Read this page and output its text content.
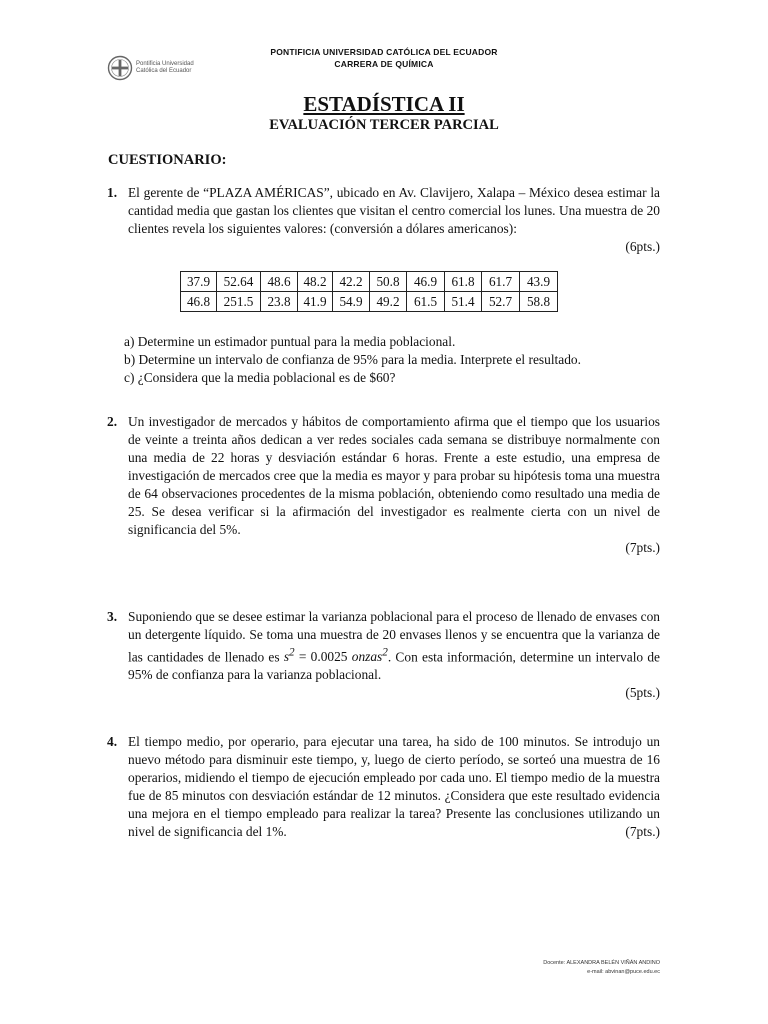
Pontificia Universidad
Católica del Ecuador
PONTIFICIA UNIVERSIDAD CATÓLICA DEL ECUADOR
CARRERA DE QUÍMICA
ESTADÍSTICA II
EVALUACIÓN TERCER PARCIAL
CUESTIONARIO:
1. El gerente de “PLAZA AMÉRICAS”, ubicado en Av. Clavijero, Xalapa – México desea estimar la cantidad media que gastan los clientes que visitan el centro comercial los lunes. Una muestra de 20 clientes revela los siguientes valores: (conversión a dólares americanos):
(6pts.)
37.9	52.64	48.6	48.2	42.2	50.8	46.9	61.8	61.7	43.9
46.8	251.5	23.8	41.9	54.9	49.2	61.5	51.4	52.7	58.8
a) Determine un estimador puntual para la media poblacional.
b) Determine un intervalo de confianza de 95% para la media. Interprete el resultado.
c) ¿Considera que la media poblacional es de $60?
2. Un investigador de mercados y hábitos de comportamiento afirma que el tiempo que los usuarios de veinte a treinta años dedican a ver redes sociales cada semana se distribuye normalmente con una media de 22 horas y desviación estándar 6 horas. Frente a este estudio, una empresa de investigación de mercados cree que la media es mayor y para probar su hipótesis toma una muestra de 64 observaciones procedentes de la misma población, obteniendo como resultado una media de 25. Se desea verificar si la afirmación del investigador es realmente cierta con un nivel de significancia del 5%.
(7pts.)
3. Suponiendo que se desee estimar la varianza poblacional para el proceso de llenado de envases con un detergente líquido. Se toma una muestra de 20 envases llenos y se encuentra que la varianza de las cantidades de llenado es $s^2 = 0.0025$ onzas$^2$. Con esta información, determine un intervalo de 95% de confianza para la varianza poblacional.
(5pts.)
4. El tiempo medio, por operario, para ejecutar una tarea, ha sido de 100 minutos. Se introdujo un nuevo método para disminuir este tiempo, y, luego de cierto período, se sorteó una muestra de 16 operarios, midiendo el tiempo de ejecución empleado por cada uno. El tiempo medio de la muestra fue de 85 minutos con desviación estándar de 12 minutos. ¿Considera que este resultado evidencia una mejora en el tiempo empleado para realizar la tarea? Presente las conclusiones utilizando un nivel de significancia del 1%.	(7pts.)
Docente: ALEXANDRA BELÉN VIÑÁN ANDINO
e-mail: abvinan@puce.edu.ec
